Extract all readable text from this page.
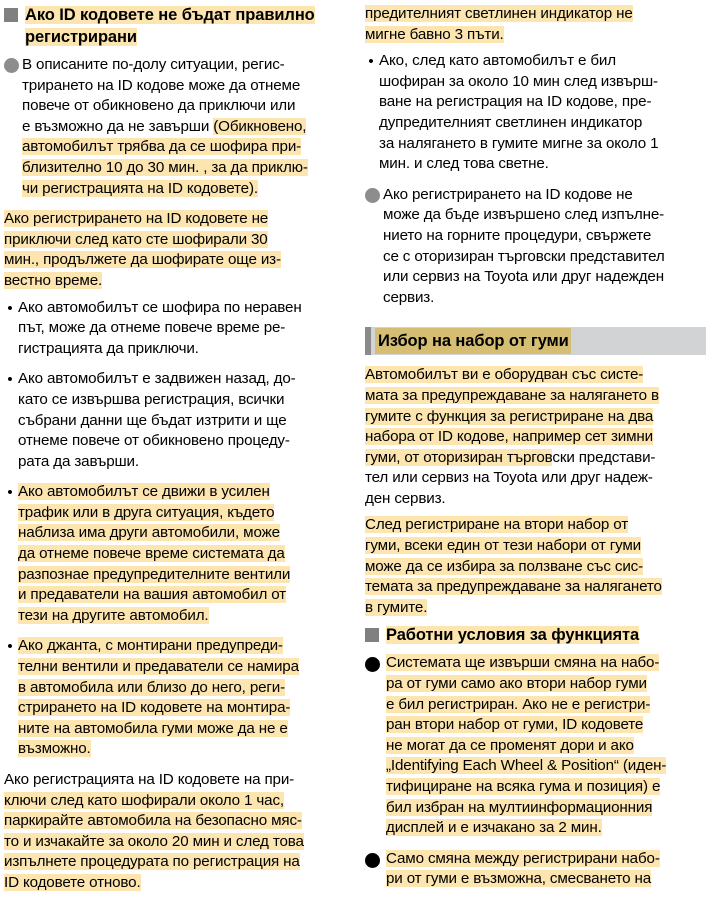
Ако ID кодовете не бъдат правилно регистрирани
В описаните по-долу ситуации, регис-
трирането на ID кодове може да отнеме
повече от обикновено да приключи или
е възможно да не завърши (Обикновено,
автомобилът трябва да се шофира при-
близително 10 до 30 мин. , за да приклю-
чи регистрацията на ID кодовете).
Ако регистрирането на ID кодовете не
приключи след като сте шофирали 30
мин., продължете да шофирате още из-
вестно време.
• Ако автомобилът се шофира по неравен
път, може да отнеме повече време ре-
гистрацията да приключи.
• Ако автомобилът е задвижен назад, до-
като се извършва регистрация, всички
събрани данни ще бъдат изтрити и ще
отнеме повече от обикновено процеду-
рата да завърши.
• Ако автомобилът се движи в усилен
трафик или в друга ситуация, където
наблиза има други автомобили, може
да отнеме повече време системата да
разпознае предупредителните вентили
и предаватели на вашия автомобил от
тези на другите автомобил.
• Ако джанта, с монтирани предупреди-
телни вентили и предаватели се намира
в автомобила или близо до него, реги-
стрирането на ID кодовете на монтира-
ните на автомобила гуми може да не е
възможно.
Ако регистрацията на ID кодовете на при-
ключи след като шофирали около 1 час,
паркирайте автомобила на безопасно мяс-
то и изчакайте за около 20 мин и след това
изпълнете процедурата по регистрация на
ID кодовете отново.
предителният светлинен индикатор не
мигне бавно 3 пъти.
• Ако, след като автомобилът е бил
шофиран за около 10 мин след извърш-
ване на регистрация на ID кодове, пре-
дупредителният светлинен индикатор
за налягането в гумите мигне за около 1
мин. и след това светне.
Ако регистрирането на ID кодове не
може да бъде извършено след изпълне-
нието на горните процедури, свържете
се с оторизиран търговски представител
или сервиз на Toyota или друг надежден
сервиз.
Избор на набор от гуми
Автомобилът ви е оборудван със систе-
мата за предупреждаване за налягането в
гумите с функция за регистриране на два
набора от ID кодове, например сет зимни
гуми, от оторизиран търговски представи-
тел или сервиз на Toyota или друг надеж-
ден сервиз.
След регистриране на втори набор от
гуми, всеки един от тези набори от гуми
може да се избира за ползване със сис-
темата за предупреждаване за налягането
в гумите.
Работни условия за функцията
Системата ще извърши смяна на набо-
ра от гуми само ако втори набор гуми
е бил регистриран. Ако не е регистри-
ран втори набор от гуми, ID кодовете
не могат да се променят дори и ако
„Identifying Each Wheel & Position“ (иден-
тифициране на всяка гума и позиция) е
бил избран на мултиинформационния
дисплей и е изчакано за 2 мин.
Само смяна между регистрирани набо-
ри от гуми е възможна, смесването на
